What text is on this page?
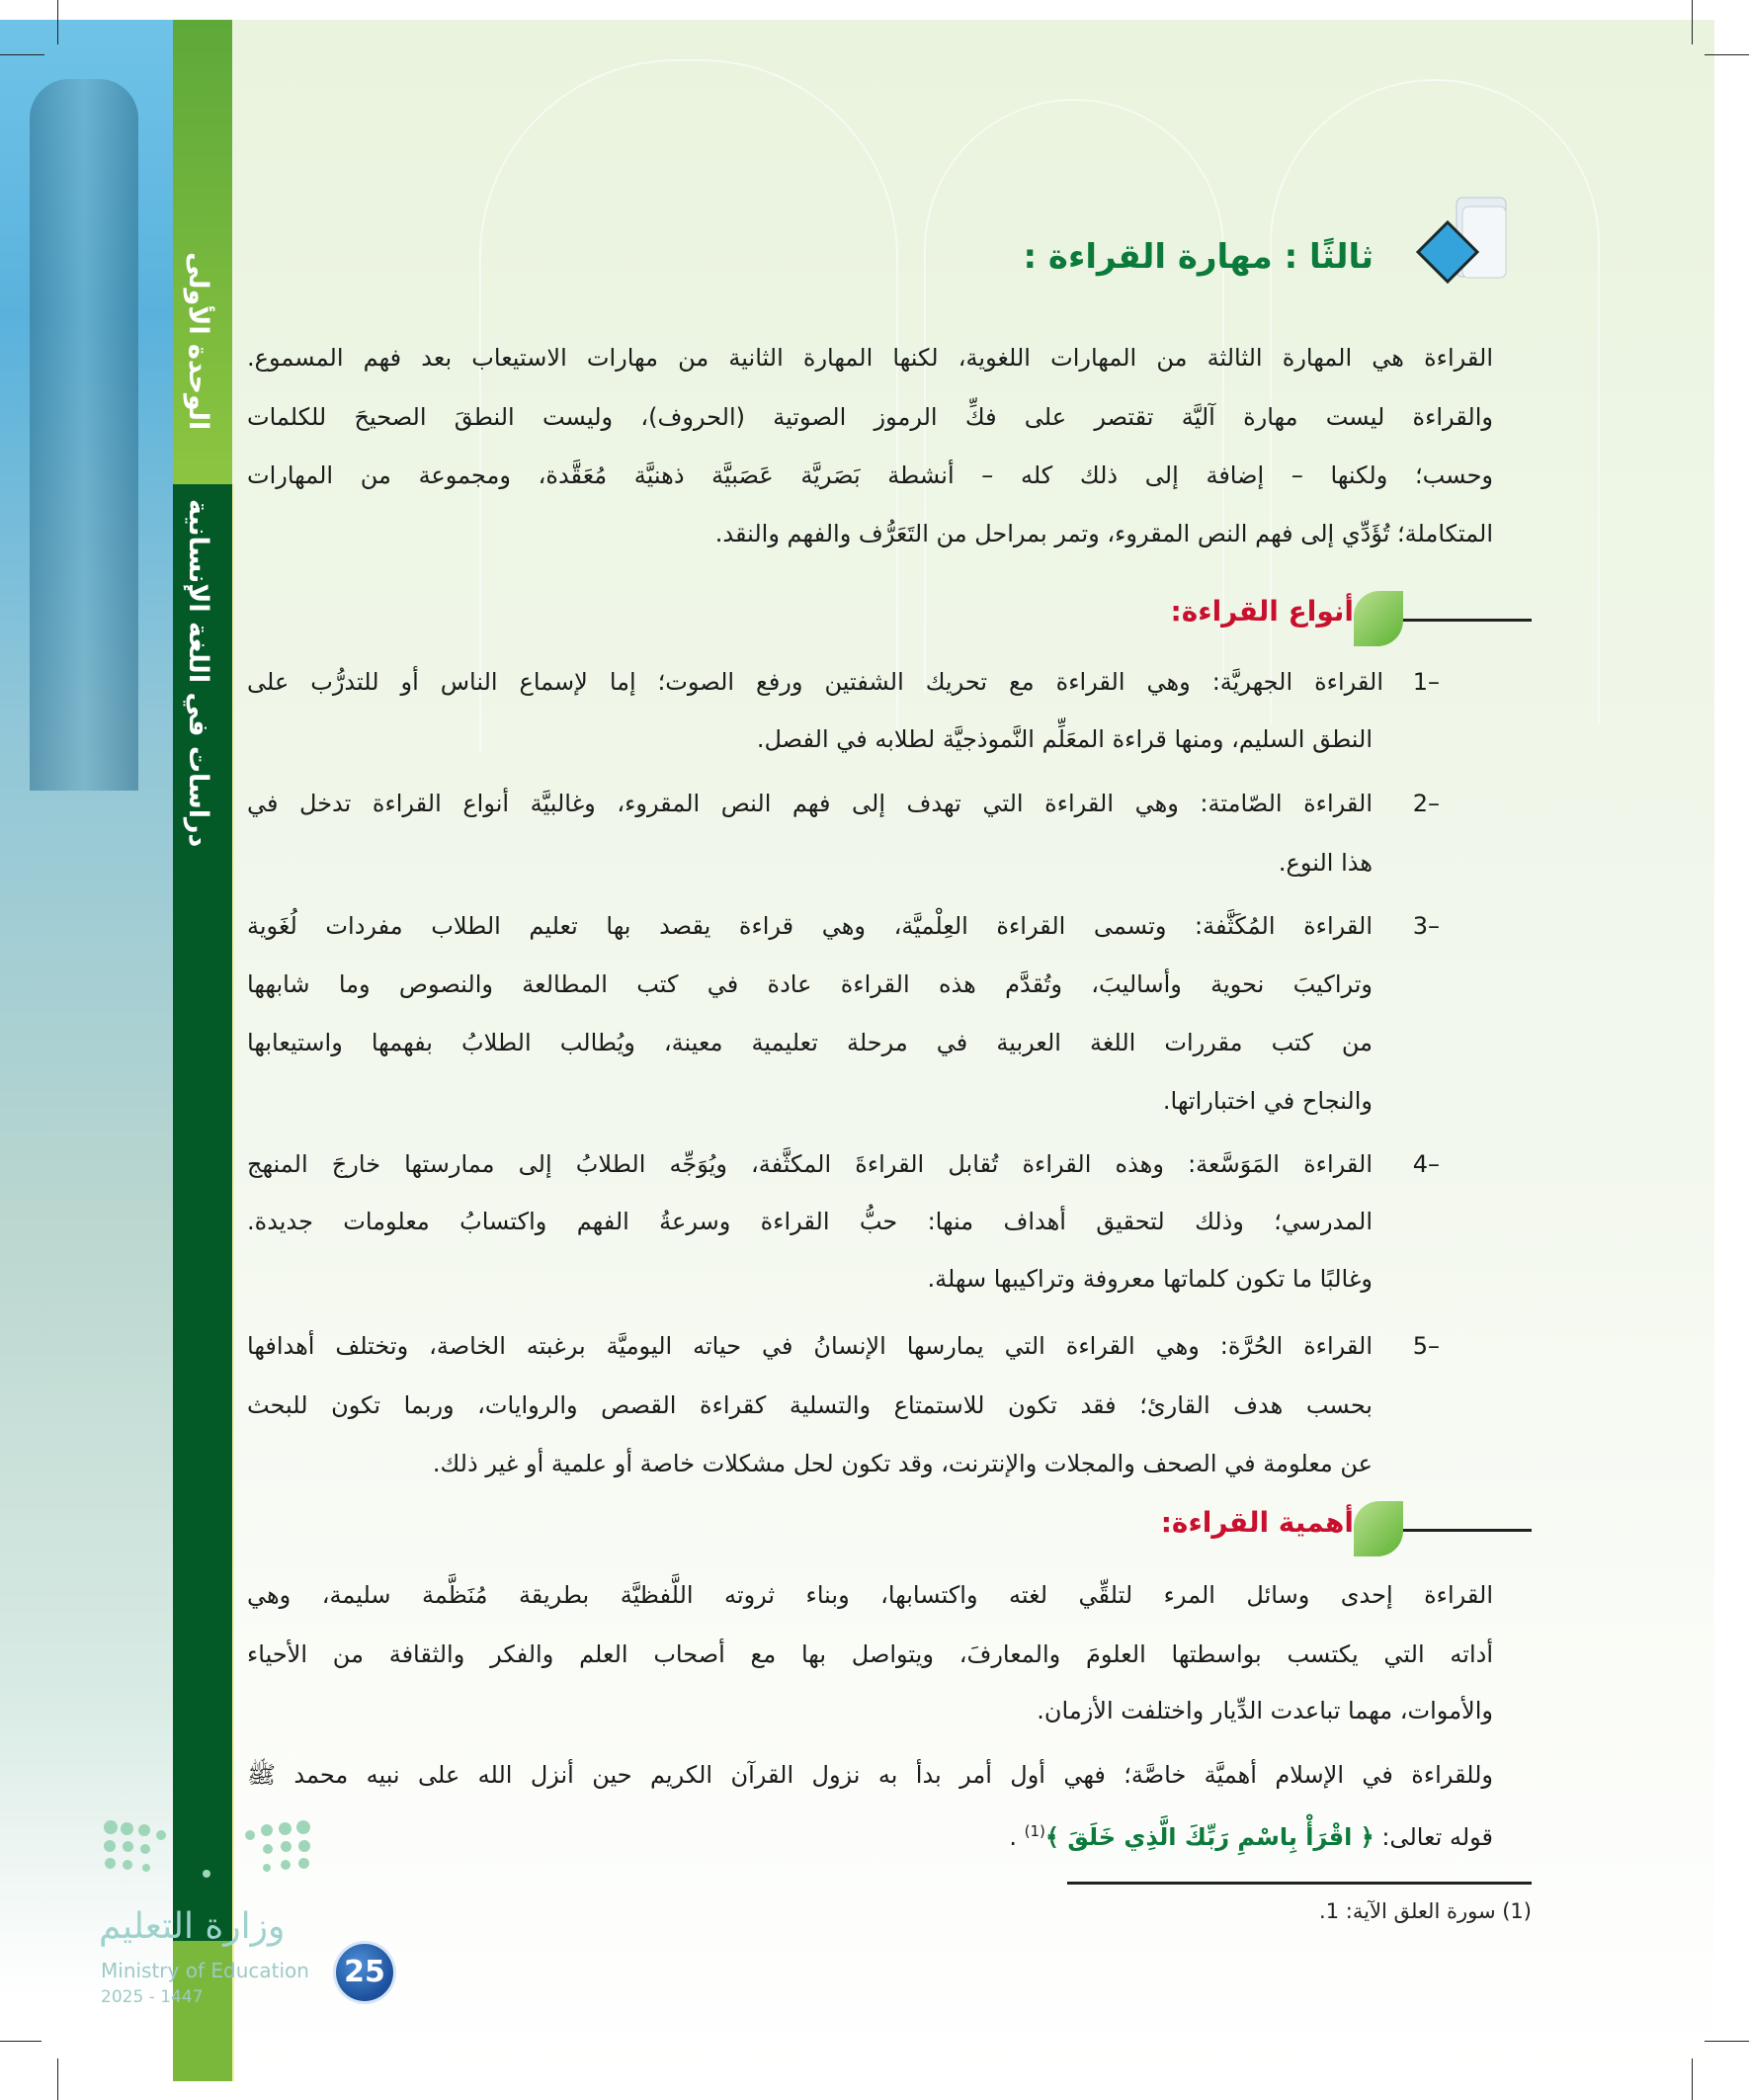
الوحدة الأولى
دراسات في اللغة الإنسانية
ثالثًا : مهارة القراءة :
القراءة هي المهارة الثالثة من المهارات اللغوية، لكنها المهارة الثانية من مهارات الاستيعاب بعد فهم المسموع.
والقراءة ليست مهارة آليَّة تقتصر على فكِّ الرموز الصوتية (الحروف)، وليست النطقَ الصحيحَ للكلمات
وحسب؛ ولكنها – إضافة إلى ذلك كله – أنشطة بَصَريَّة عَصَبيَّة ذهنيَّة مُعَقَّدة، ومجموعة من المهارات
المتكاملة؛ تُؤَدِّي إلى فهم النص المقروء، وتمر بمراحل من التَعَرُّف والفهم والنقد.
أنواع القراءة:
1–
القراءة الجهريَّة: وهي القراءة مع تحريك الشفتين ورفع الصوت؛ إما لإسماع الناس أو للتدرُّب على
النطق السليم، ومنها قراءة المعَلِّم النَّموذجيَّة لطلابه في الفصل.
2–
القراءة الصّامتة: وهي القراءة التي تهدف إلى فهم النص المقروء، وغالبيَّة أنواع القراءة تدخل في
هذا النوع.
3–
القراءة المُكَثَّفة: وتسمى القراءة العِلْميَّة، وهي قراءة يقصد بها تعليم الطلاب مفردات لُغَوية
وتراكيبَ نحوية وأساليبَ، وتُقدَّم هذه القراءة عادة في كتب المطالعة والنصوص وما شابهها
من كتب مقررات اللغة العربية في مرحلة تعليمية معينة، ويُطالب الطلابُ بفهمها واستيعابها
والنجاح في اختباراتها.
4–
القراءة المَوَسَّعة: وهذه القراءة تُقابل القراءةَ المكثَّفة، ويُوَجِّه الطلابُ إلى ممارستها خارجَ المنهج
المدرسي؛ وذلك لتحقيق أهداف منها: حبُّ القراءة وسرعةُ الفهم واكتسابُ معلومات جديدة.
وغالبًا ما تكون كلماتها معروفة وتراكيبها سهلة.
5–
القراءة الحُرَّة: وهي القراءة التي يمارسها الإنسانُ في حياته اليوميَّة برغبته الخاصة، وتختلف أهدافها
بحسب هدف القارئ؛ فقد تكون للاستمتاع والتسلية كقراءة القصص والروايات، وربما تكون للبحث
عن معلومة في الصحف والمجلات والإنترنت، وقد تكون لحل مشكلات خاصة أو علمية أو غير ذلك.
أهمية القراءة:
القراءة إحدى وسائل المرء لتلقِّي لغته واكتسابها، وبناء ثروته اللَّفظيَّة بطريقة مُنَظَّمة سليمة، وهي
أداته التي يكتسب بواسطتها العلومَ والمعارفَ، ويتواصل بها مع أصحاب العلم والفكر والثقافة من الأحياء
والأموات، مهما تباعدت الدِّيار واختلفت الأزمان.
وللقراءة في الإسلام أهميَّة خاصَّة؛ فهي أول أمر بدأ به نزول القرآن الكريم حين أنزل الله على نبيه محمد ﷺ
قوله تعالى: ﴿ اقْرَأْ بِاسْمِ رَبِّكَ الَّذِي خَلَقَ ﴾$^{(1)}$ .
(1) سورة العلق الآية: 1.
وزارة التعليم
Ministry of Education
2025 - 1447
25
